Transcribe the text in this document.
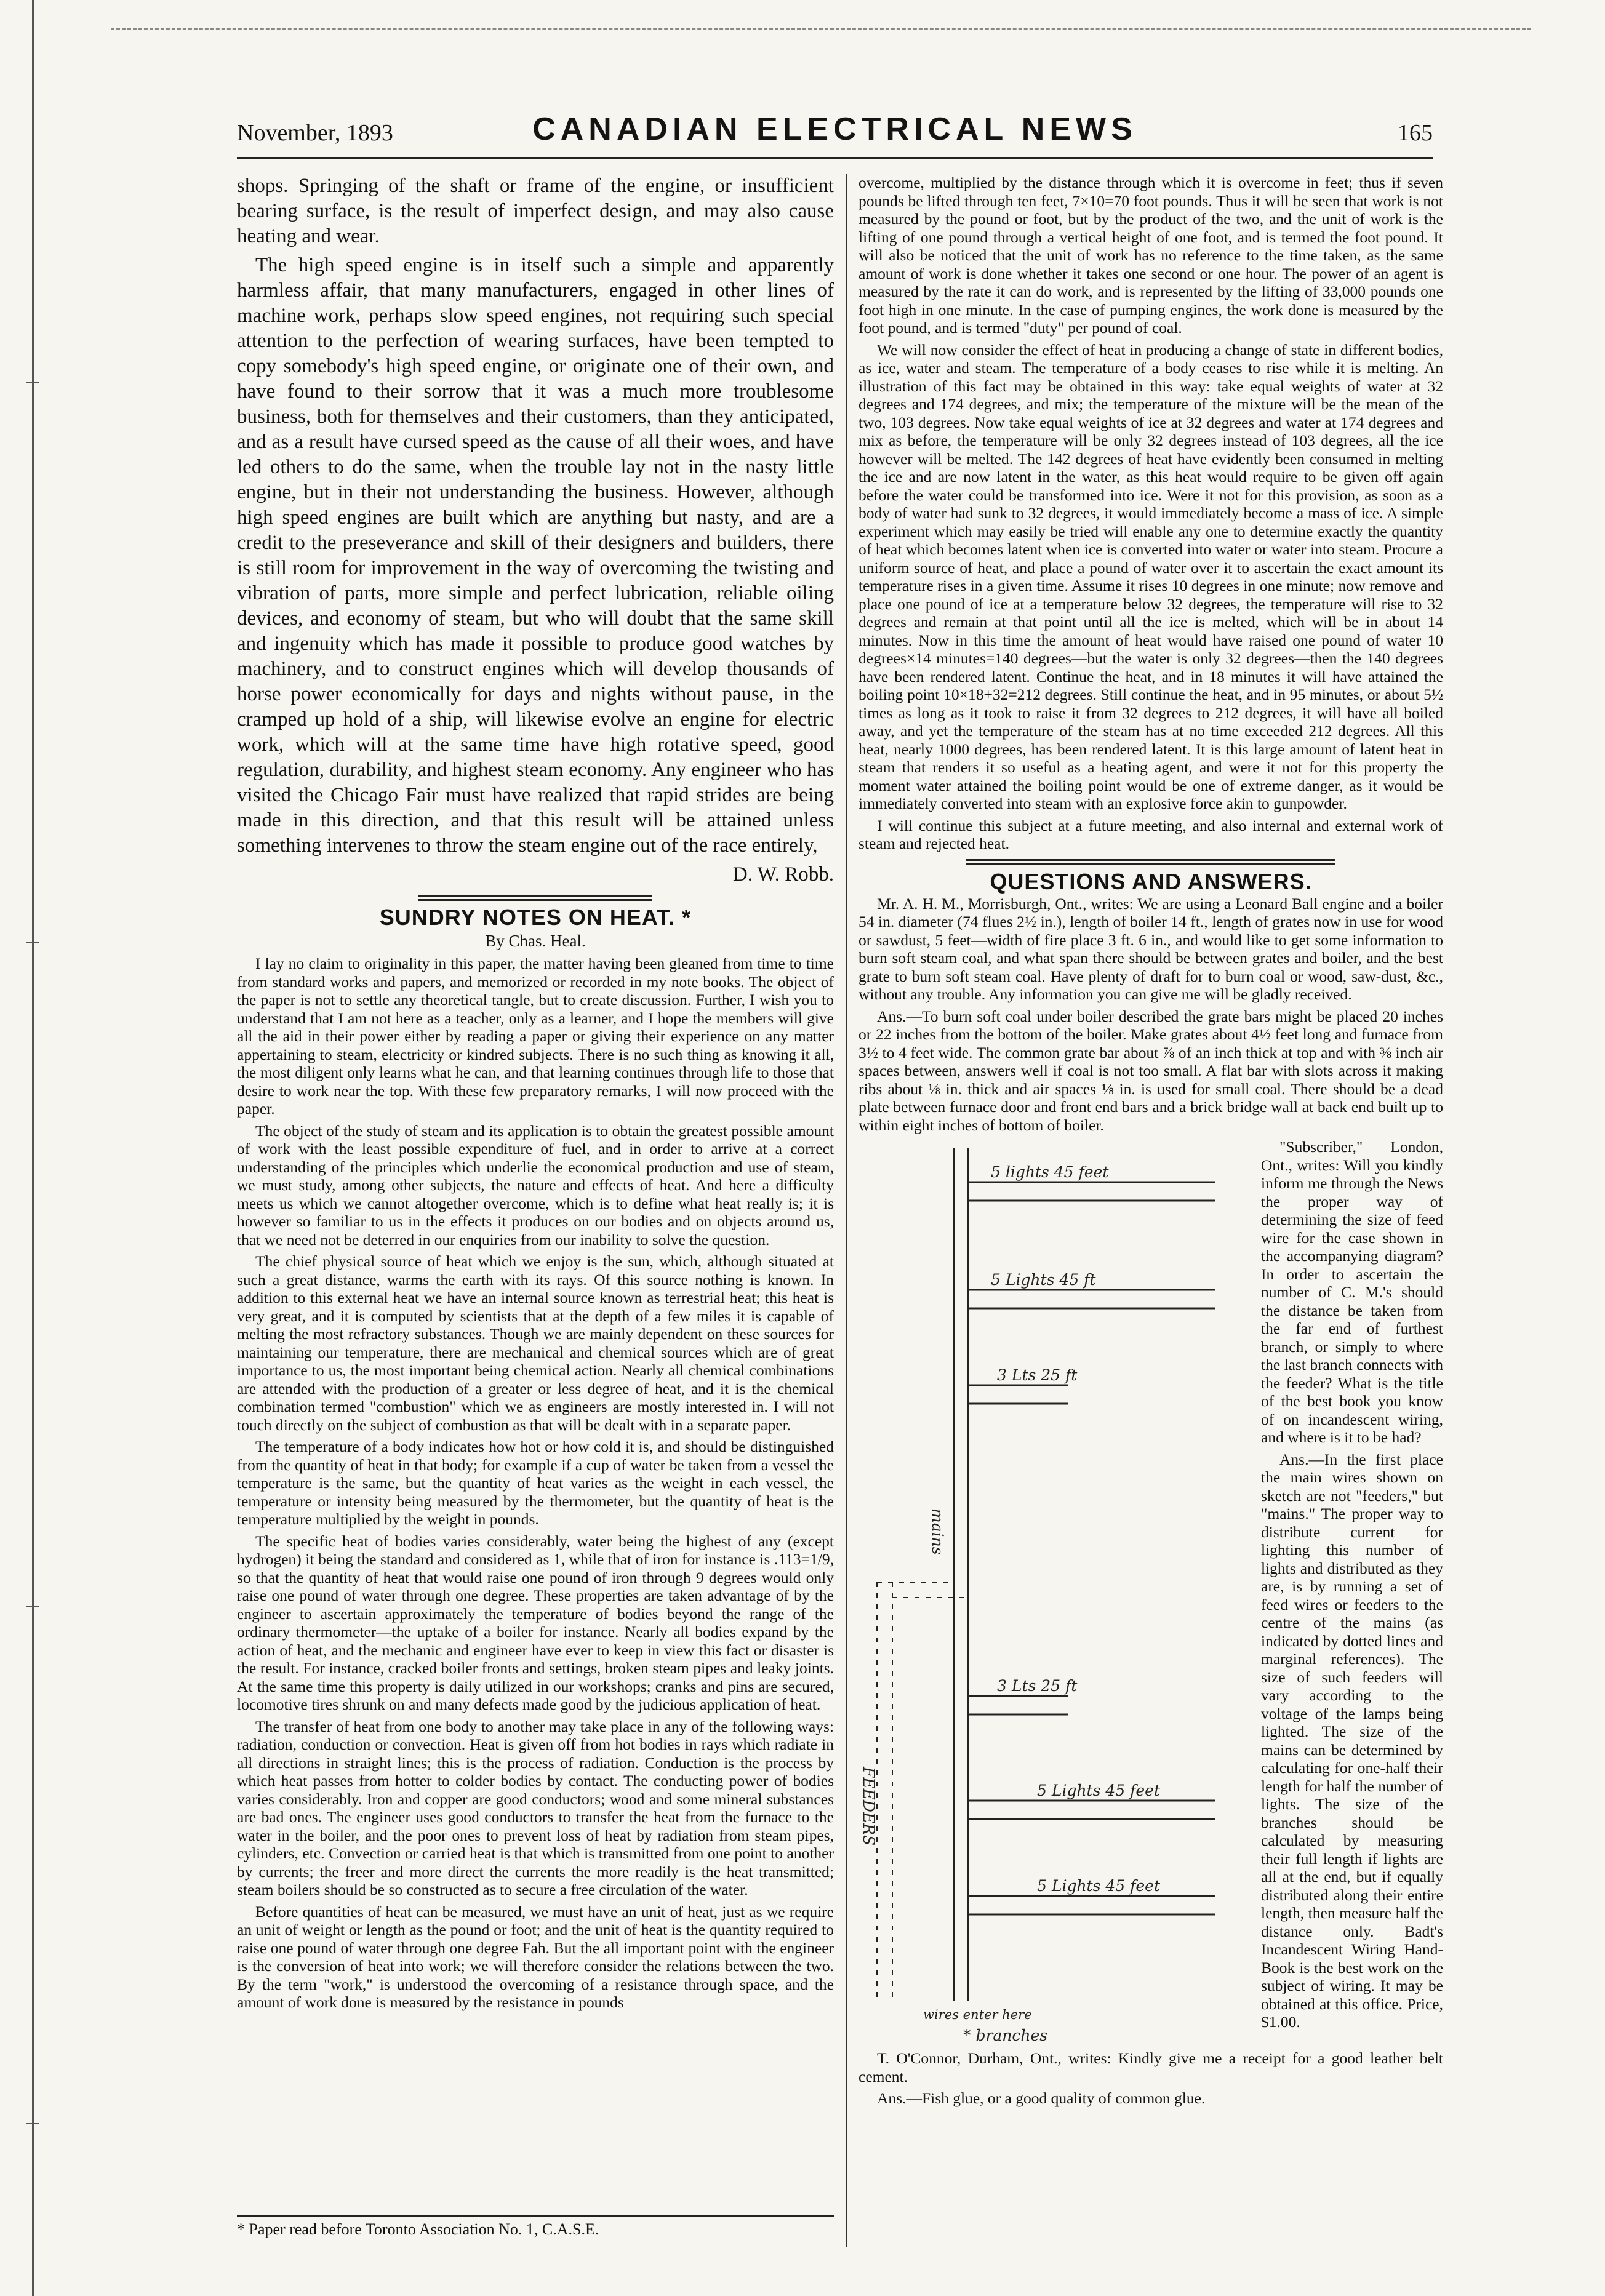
November, 1893	CANADIAN ELECTRICAL NEWS	165

shops. Springing of the shaft or frame of the engine, or insufficient bearing surface, is the result of imperfect design, and may also cause heating and wear.

The high speed engine is in itself such a simple and apparently harmless affair, that many manufacturers, engaged in other lines of machine work, perhaps slow speed engines, not requiring such special attention to the perfection of wearing surfaces, have been tempted to copy somebody's high speed engine, or originate one of their own, and have found to their sorrow that it was a much more troublesome business, both for themselves and their customers, than they anticipated, and as a result have cursed speed as the cause of all their woes, and have led others to do the same, when the trouble lay not in the nasty little engine, but in their not understanding the business. However, although high speed engines are built which are anything but nasty, and are a credit to the preseverance and skill of their designers and builders, there is still room for improvement in the way of overcoming the twisting and vibration of parts, more simple and perfect lubrication, reliable oiling devices, and economy of steam, but who will doubt that the same skill and ingenuity which has made it possible to produce good watches by machinery, and to construct engines which will develop thousands of horse power economically for days and nights without pause, in the cramped up hold of a ship, will likewise evolve an engine for electric work, which will at the same time have high rotative speed, good regulation, durability, and highest steam economy. Any engineer who has visited the Chicago Fair must have realized that rapid strides are being made in this direction, and that this result will be attained unless something intervenes to throw the steam engine out of the race entirely,

D. W. Robb.
SUNDRY NOTES ON HEAT. *
By Chas. Heal.

I lay no claim to originality in this paper, the matter having been gleaned from time to time from standard works and papers, and memorized or recorded in my note books. The object of the paper is not to settle any theoretical tangle, but to create discussion. Further, I wish you to understand that I am not here as a teacher, only as a learner, and I hope the members will give all the aid in their power either by reading a paper or giving their experience on any matter appertaining to steam, electricity or kindred subjects. There is no such thing as knowing it all, the most diligent only learns what he can, and that learning continues through life to those that desire to work near the top. With these few preparatory remarks, I will now proceed with the paper.

The object of the study of steam and its application is to obtain the greatest possible amount of work with the least possible expenditure of fuel, and in order to arrive at a correct understanding of the principles which underlie the economical production and use of steam, we must study, among other subjects, the nature and effects of heat. And here a difficulty meets us which we cannot altogether overcome, which is to define what heat really is; it is however so familiar to us in the effects it produces on our bodies and on objects around us, that we need not be deterred in our enquiries from our inability to solve the question.

The chief physical source of heat which we enjoy is the sun, which, although situated at such a great distance, warms the earth with its rays. Of this source nothing is known. In addition to this external heat we have an internal source known as terrestrial heat; this heat is very great, and it is computed by scientists that at the depth of a few miles it is capable of melting the most refractory substances. Though we are mainly dependent on these sources for maintaining our temperature, there are mechanical and chemical sources which are of great importance to us, the most important being chemical action. Nearly all chemical combinations are attended with the production of a greater or less degree of heat, and it is the chemical combination termed "combustion" which we as engineers are mostly interested in. I will not touch directly on the subject of combustion as that will be dealt with in a separate paper.

The temperature of a body indicates how hot or how cold it is, and should be distinguished from the quantity of heat in that body; for example if a cup of water be taken from a vessel the temperature is the same, but the quantity of heat varies as the weight in each vessel, the temperature or intensity being measured by the thermometer, but the quantity of heat is the temperature multiplied by the weight in pounds.

The specific heat of bodies varies considerably, water being the highest of any (except hydrogen) it being the standard and considered as 1, while that of iron for instance is .113=1/9, so that the quantity of heat that would raise one pound of iron through 9 degrees would only raise one pound of water through one degree. These properties are taken advantage of by the engineer to ascertain approximately the temperature of bodies beyond the range of the ordinary thermometer—the uptake of a boiler for instance. Nearly all bodies expand by the action of heat, and the mechanic and engineer have ever to keep in view this fact or disaster is the result. For instance, cracked boiler fronts and settings, broken steam pipes and leaky joints. At the same time this property is daily utilized in our workshops; cranks and pins are secured, locomotive tires shrunk on and many defects made good by the judicious application of heat.

The transfer of heat from one body to another may take place in any of the following ways: radiation, conduction or convection. Heat is given off from hot bodies in rays which radiate in all directions in straight lines; this is the process of radiation. Conduction is the process by which heat passes from hotter to colder bodies by contact. The conducting power of bodies varies considerably. Iron and copper are good conductors; wood and some mineral substances are bad ones. The engineer uses good conductors to transfer the heat from the furnace to the water in the boiler, and the poor ones to prevent loss of heat by radiation from steam pipes, cylinders, etc. Convection or carried heat is that which is transmitted from one point to another by currents; the freer and more direct the currents the more readily is the heat transmitted; steam boilers should be so constructed as to secure a free circulation of the water.

Before quantities of heat can be measured, we must have an unit of heat, just as we require an unit of weight or length as the pound or foot; and the unit of heat is the quantity required to raise one pound of water through one degree Fah. But the all important point with the engineer is the conversion of heat into work; we will therefore consider the relations between the two. By the term "work," is understood the overcoming of a resistance through space, and the amount of work done is measured by the resistance in pounds

* Paper read before Toronto Association No. 1, C.A.S.E.

overcome, multiplied by the distance through which it is overcome in feet; thus if seven pounds be lifted through ten feet, 7×10=70 foot pounds. Thus it will be seen that work is not measured by the pound or foot, but by the product of the two, and the unit of work is the lifting of one pound through a vertical height of one foot, and is termed the foot pound. It will also be noticed that the unit of work has no reference to the time taken, as the same amount of work is done whether it takes one second or one hour. The power of an agent is measured by the rate it can do work, and is represented by the lifting of 33,000 pounds one foot high in one minute. In the case of pumping engines, the work done is measured by the foot pound, and is termed "duty" per pound of coal.

We will now consider the effect of heat in producing a change of state in different bodies, as ice, water and steam. The temperature of a body ceases to rise while it is melting. An illustration of this fact may be obtained in this way: take equal weights of water at 32 degrees and 174 degrees, and mix; the temperature of the mixture will be the mean of the two, 103 degrees. Now take equal weights of ice at 32 degrees and water at 174 degrees and mix as before, the temperature will be only 32 degrees instead of 103 degrees, all the ice however will be melted. The 142 degrees of heat have evidently been consumed in melting the ice and are now latent in the water, as this heat would require to be given off again before the water could be transformed into ice. Were it not for this provision, as soon as a body of water had sunk to 32 degrees, it would immediately become a mass of ice. A simple experiment which may easily be tried will enable any one to determine exactly the quantity of heat which becomes latent when ice is converted into water or water into steam. Procure a uniform source of heat, and place a pound of water over it to ascertain the exact amount its temperature rises in a given time. Assume it rises 10 degrees in one minute; now remove and place one pound of ice at a temperature below 32 degrees, the temperature will rise to 32 degrees and remain at that point until all the ice is melted, which will be in about 14 minutes. Now in this time the amount of heat would have raised one pound of water 10 degrees×14 minutes=140 degrees—but the water is only 32 degrees—then the 140 degrees have been rendered latent. Continue the heat, and in 18 minutes it will have attained the boiling point 10×18+32=212 degrees. Still continue the heat, and in 95 minutes, or about 5½ times as long as it took to raise it from 32 degrees to 212 degrees, it will have all boiled away, and yet the temperature of the steam has at no time exceeded 212 degrees. All this heat, nearly 1000 degrees, has been rendered latent. It is this large amount of latent heat in steam that renders it so useful as a heating agent, and were it not for this property the moment water attained the boiling point would be one of extreme danger, as it would be immediately converted into steam with an explosive force akin to gunpowder.

I will continue this subject at a future meeting, and also internal and external work of steam and rejected heat.

QUESTIONS AND ANSWERS.

Mr. A. H. M., Morrisburgh, Ont., writes: We are using a Leonard Ball engine and a boiler 54 in. diameter (74 flues 2½ in.), length of boiler 14 ft., length of grates now in use for wood or sawdust, 5 feet—width of fire place 3 ft. 6 in., and would like to get some information to burn soft steam coal, and what span there should be between grates and boiler, and the best grate to burn soft steam coal. Have plenty of draft for to burn coal or wood, saw-dust, &c., without any trouble. Any information you can give me will be gladly received.

Ans.—To burn soft coal under boiler described the grate bars might be placed 20 inches or 22 inches from the bottom of the boiler. Make grates about 4½ feet long and furnace from 3½ to 4 feet wide. The common grate bar about ⅞ of an inch thick at top and with ⅜ inch air spaces between, answers well if coal is not too small. A flat bar with slots across it making ribs about ⅛ in. thick and air spaces ⅛ in. is used for small coal. There should be a dead plate between furnace door and front end bars and a brick bridge wall at back end built up to within eight inches of bottom of boiler.

5 lights 45 feet
5 Lights 45 ft
3 Lts 25 ft
3 Lts 25 ft
5 Lights 45 feet
5 Lights 45 feet
mains
FEEDERS
wires enter here
* branches

"Subscriber," London, Ont., writes: Will you kindly inform me through the News the proper way of determining the size of feed wire for the case shown in the accompanying diagram? In order to ascertain the number of C. M.'s should the distance be taken from the far end of furthest branch, or simply to where the last branch connects with the feeder? What is the title of the best book you know of on incandescent wiring, and where is it to be had?

Ans.—In the first place the main wires shown on sketch are not "feeders," but "mains." The proper way to distribute current for lighting this number of lights and distributed as they are, is by running a set of feed wires or feeders to the centre of the mains (as indicated by dotted lines and marginal references). The size of such feeders will vary according to the voltage of the lamps being lighted. The size of the mains can be determined by calculating for one-half their length for half the number of lights. The size of the branches should be calculated by measuring their full length if lights are all at the end, but if equally distributed along their entire length, then measure half the distance only. Badt's Incandescent Wiring Hand-Book is the best work on the subject of wiring. It may be obtained at this office. Price, $1.00.

T. O'Connor, Durham, Ont., writes: Kindly give me a receipt for a good leather belt cement.

Ans.—Fish glue, or a good quality of common glue.
